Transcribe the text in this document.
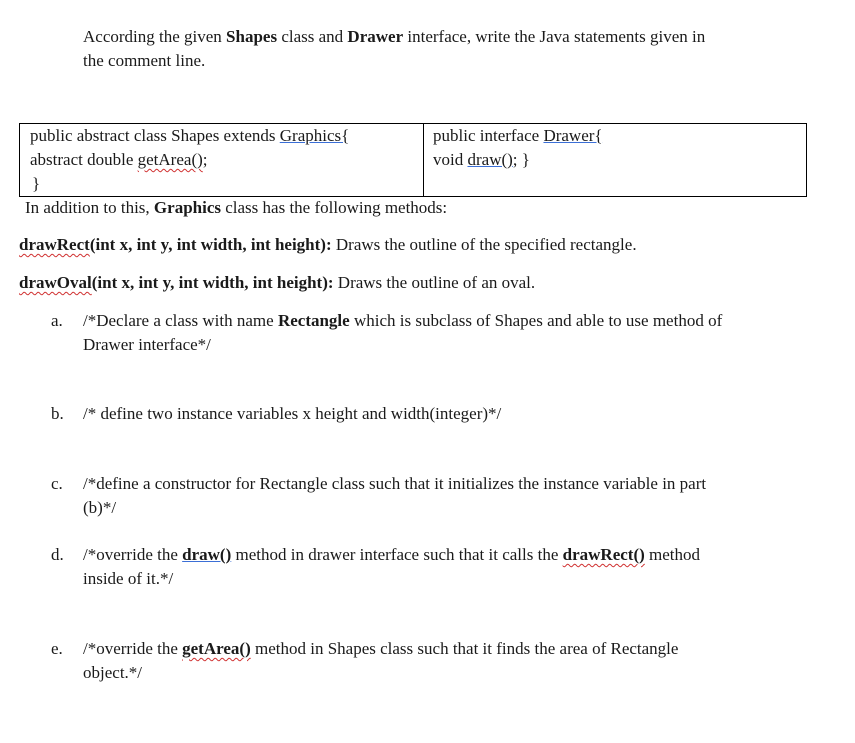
According the given Shapes class and Drawer interface, write the Java statements given in
the comment line.
public abstract class Shapes extends Graphics{
abstract double getArea();
}

public interface Drawer{
void draw(); }
In addition to this, Graphics class has the following methods:
drawRect(int x, int y, int width, int height): Draws the outline of the specified rectangle.
drawOval(int x, int y, int width, int height): Draws the outline of an oval.
a. /*Declare a class with name Rectangle which is subclass of Shapes and able to use method of
Drawer interface*/
b. /* define two instance variables x height and width(integer)*/
c. /*define a constructor for Rectangle class such that it initializes the instance variable in part
(b)*/
d. /*override the draw() method in drawer interface such that it calls the drawRect() method
inside of it.*/
e. /*override the getArea() method in Shapes class such that it finds the area of Rectangle
object.*/
